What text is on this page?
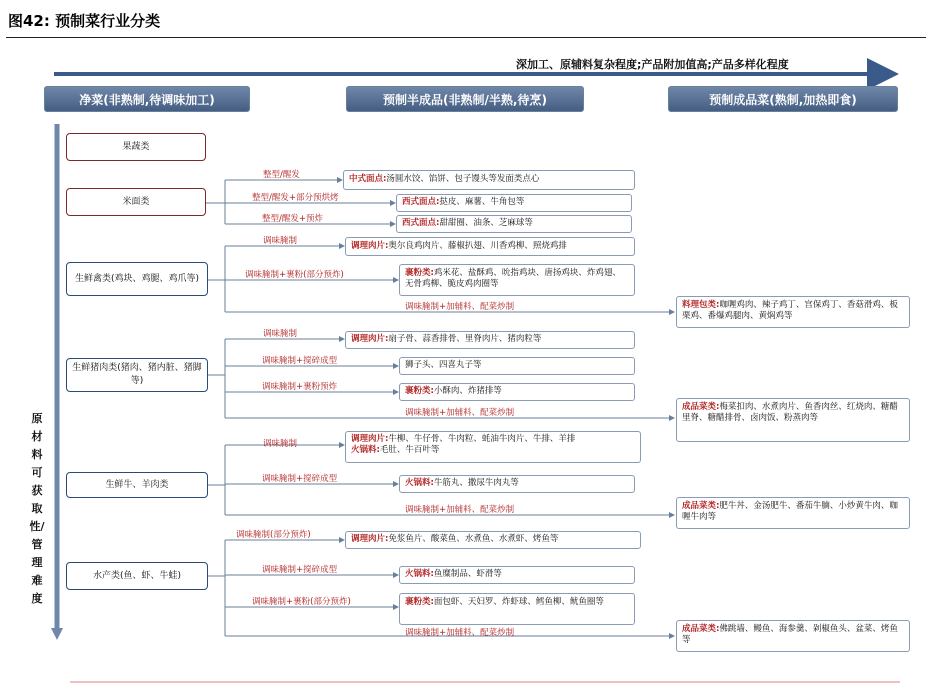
图42: 预制菜行业分类
深加工、原辅料复杂程度;产品附加值高;产品多样化程度
净菜(非熟制,待调味加工)	预制半成品(非熟制/半熟,待烹)	预制成品菜(熟制,加热即食)
原材料可获取性/管理难度
果蔬类
米面类
生鲜禽类(鸡块、鸡腿、鸡爪等)
生鲜猪肉类(猪肉、猪内脏、猪脚等)
生鲜牛、羊肉类
水产类(鱼、虾、牛蛙)
整型/醒发
整型/醒发+部分预烘烤
整型/醒发+预炸
调味腌制
调味腌制+裹粉(部分预炸)
调味腌制+加辅料、配菜炒制
调味腌制
调味腌制+搅碎成型
调味腌制+裹粉预炸
调味腌制+加辅料、配菜炒制
调味腌制
调味腌制+搅碎成型
调味腌制+加辅料、配菜炒制
调味腌制(部分预炸)
调味腌制+搅碎成型
调味腌制+裹粉(部分预炸)
调味腌制+加辅料、配菜炒制
中式面点: 汤圆水饺、馅饼、包子馒头等发面类点心
西式面点: 挞皮、麻薯、牛角包等
西式面点: 甜甜圈、油条、芝麻球等
调理肉片: 奥尔良鸡肉片、藤椒扒翅、川香鸡柳、照烧鸡排
裹粉类:鸡米花、盐酥鸡、吮指鸡块、唐扬鸡块、炸鸡翅、无骨鸡柳、脆皮鸡肉圈等
料理包类:咖喱鸡肉、辣子鸡丁、宫保鸡丁、香菇滑鸡、板栗鸡、番爆鸡腿肉、黄焖鸡等
调理肉片: 扇子骨、蒜香排骨、里脊肉片、猪肉粒等
狮子头、四喜丸子等
裹粉类: 小酥肉、炸猪排等
成品菜类:梅菜扣肉、水煮肉片、鱼香肉丝、红烧肉、糖醋里脊、糖醋排骨、卤肉饭、粉蒸肉等
调理肉片:牛柳、牛仔骨、牛肉粒、蚝油牛肉片、牛排、羊排
火锅料:毛肚、牛百叶等
火锅料: 牛筋丸、撒尿牛肉丸等
成品菜类:肥牛丼、金汤肥牛、番茄牛腩、小炒黄牛肉、咖喱牛肉等
调理肉片: 免浆鱼片、酸菜鱼、水煮鱼、水煮虾、烤鱼等
火锅料: 鱼糜制品、虾滑等
裹粉类:面包虾、天妇罗、炸虾球、鳕鱼柳、鱿鱼圈等
成品菜类:佛跳墙、鳗鱼、海参羹、剁椒鱼头、盆菜、烤鱼等
